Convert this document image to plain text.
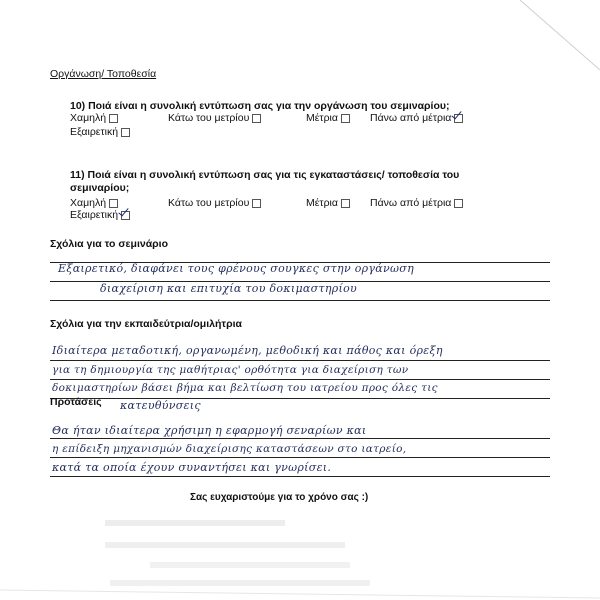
Οργάνωση/ Τοποθεσία
10) Ποιά είναι η συνολική εντύπωση σας για την οργάνωση του σεμιναρίου;
Χαμηλή	Κάτω του μετρίου	Μέτρια	Πάνω από μέτρια
Εξαιρετική
11) Ποιά είναι η συνολική εντύπωση σας για τις εγκαταστάσεις/ τοποθεσία του
σεμιναρίου;
Χαμηλή	Κάτω του μετρίου	Μέτρια	Πάνω από μέτρια
Εξαιρετική
Σχόλια για το σεμινάριο
Εξαιρετικό, διαφάνει τους φρένους σουγκες στην οργάνωση
διαχείριση και επιτυχία του δοκιμαστηρίου
Σχόλια για την εκπαιδεύτρια/ομιλήτρια
Ιδιαίτερα μεταδοτική, οργανωμένη, μεθοδική και πάθος και όρεξη
για τη δημιουργία της μαθήτριας' ορθότητα για διαχείριση των
δοκιμαστηρίων βάσει βήμα και βελτίωση του ιατρείου προς όλες τις
κατευθύνσεις
Προτάσεις
Θα ήταν ιδιαίτερα χρήσιμη η εφαρμογή σεναρίων και
η επίδειξη μηχανισμών διαχείρισης καταστάσεων στο ιατρείο,
κατά τα οποία έχουν συναντήσει και γνωρίσει.
Σας ευχαριστούμε για το χρόνο σας :)
